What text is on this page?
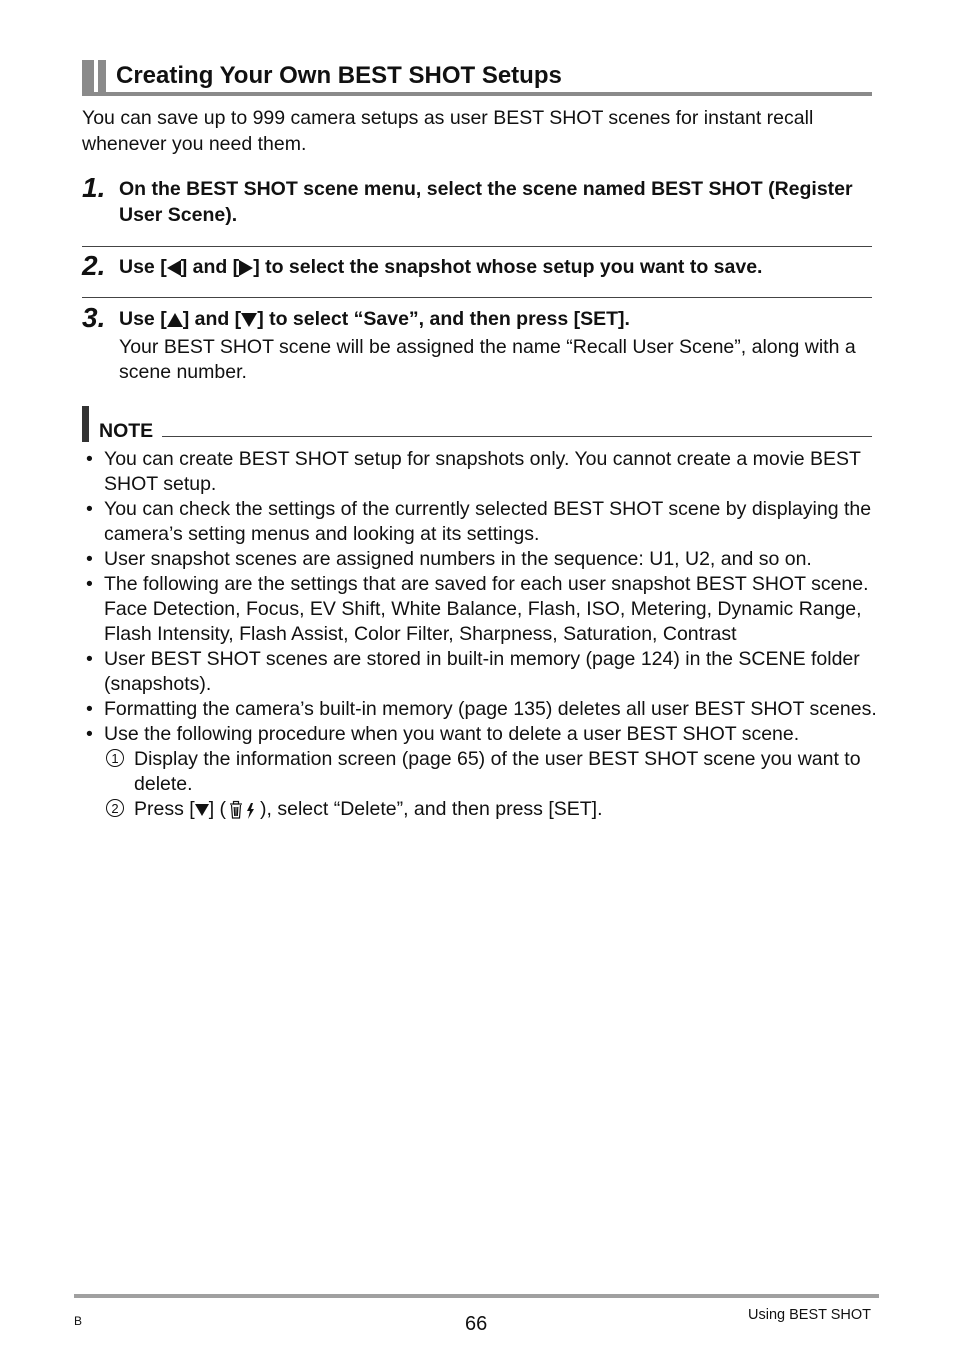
Creating Your Own BEST SHOT Setups
You can save up to 999 camera setups as user BEST SHOT scenes for instant recall whenever you need them.
1. On the BEST SHOT scene menu, select the scene named BEST SHOT (Register User Scene).
2. Use [ ] and [ ] to select the snapshot whose setup you want to save.
3. Use [ ] and [ ] to select “Save”, and then press [SET].
Your BEST SHOT scene will be assigned the name “Recall User Scene”, along with a scene number.
NOTE
• You can create BEST SHOT setup for snapshots only. You cannot create a movie BEST SHOT setup.
• You can check the settings of the currently selected BEST SHOT scene by displaying the camera’s setting menus and looking at its settings.
• User snapshot scenes are assigned numbers in the sequence: U1, U2, and so on.
• The following are the settings that are saved for each user snapshot BEST SHOT scene.
Face Detection, Focus, EV Shift, White Balance, Flash, ISO, Metering, Dynamic Range, Flash Intensity, Flash Assist, Color Filter, Sharpness, Saturation, Contrast
• User BEST SHOT scenes are stored in built-in memory (page 124) in the SCENE folder (snapshots).
• Formatting the camera’s built-in memory (page 135) deletes all user BEST SHOT scenes.
• Use the following procedure when you want to delete a user BEST SHOT scene.
1 Display the information screen (page 65) of the user BEST SHOT scene you want to delete.
2 Press [ ] ( ), select “Delete”, and then press [SET].
B	66	Using BEST SHOT
